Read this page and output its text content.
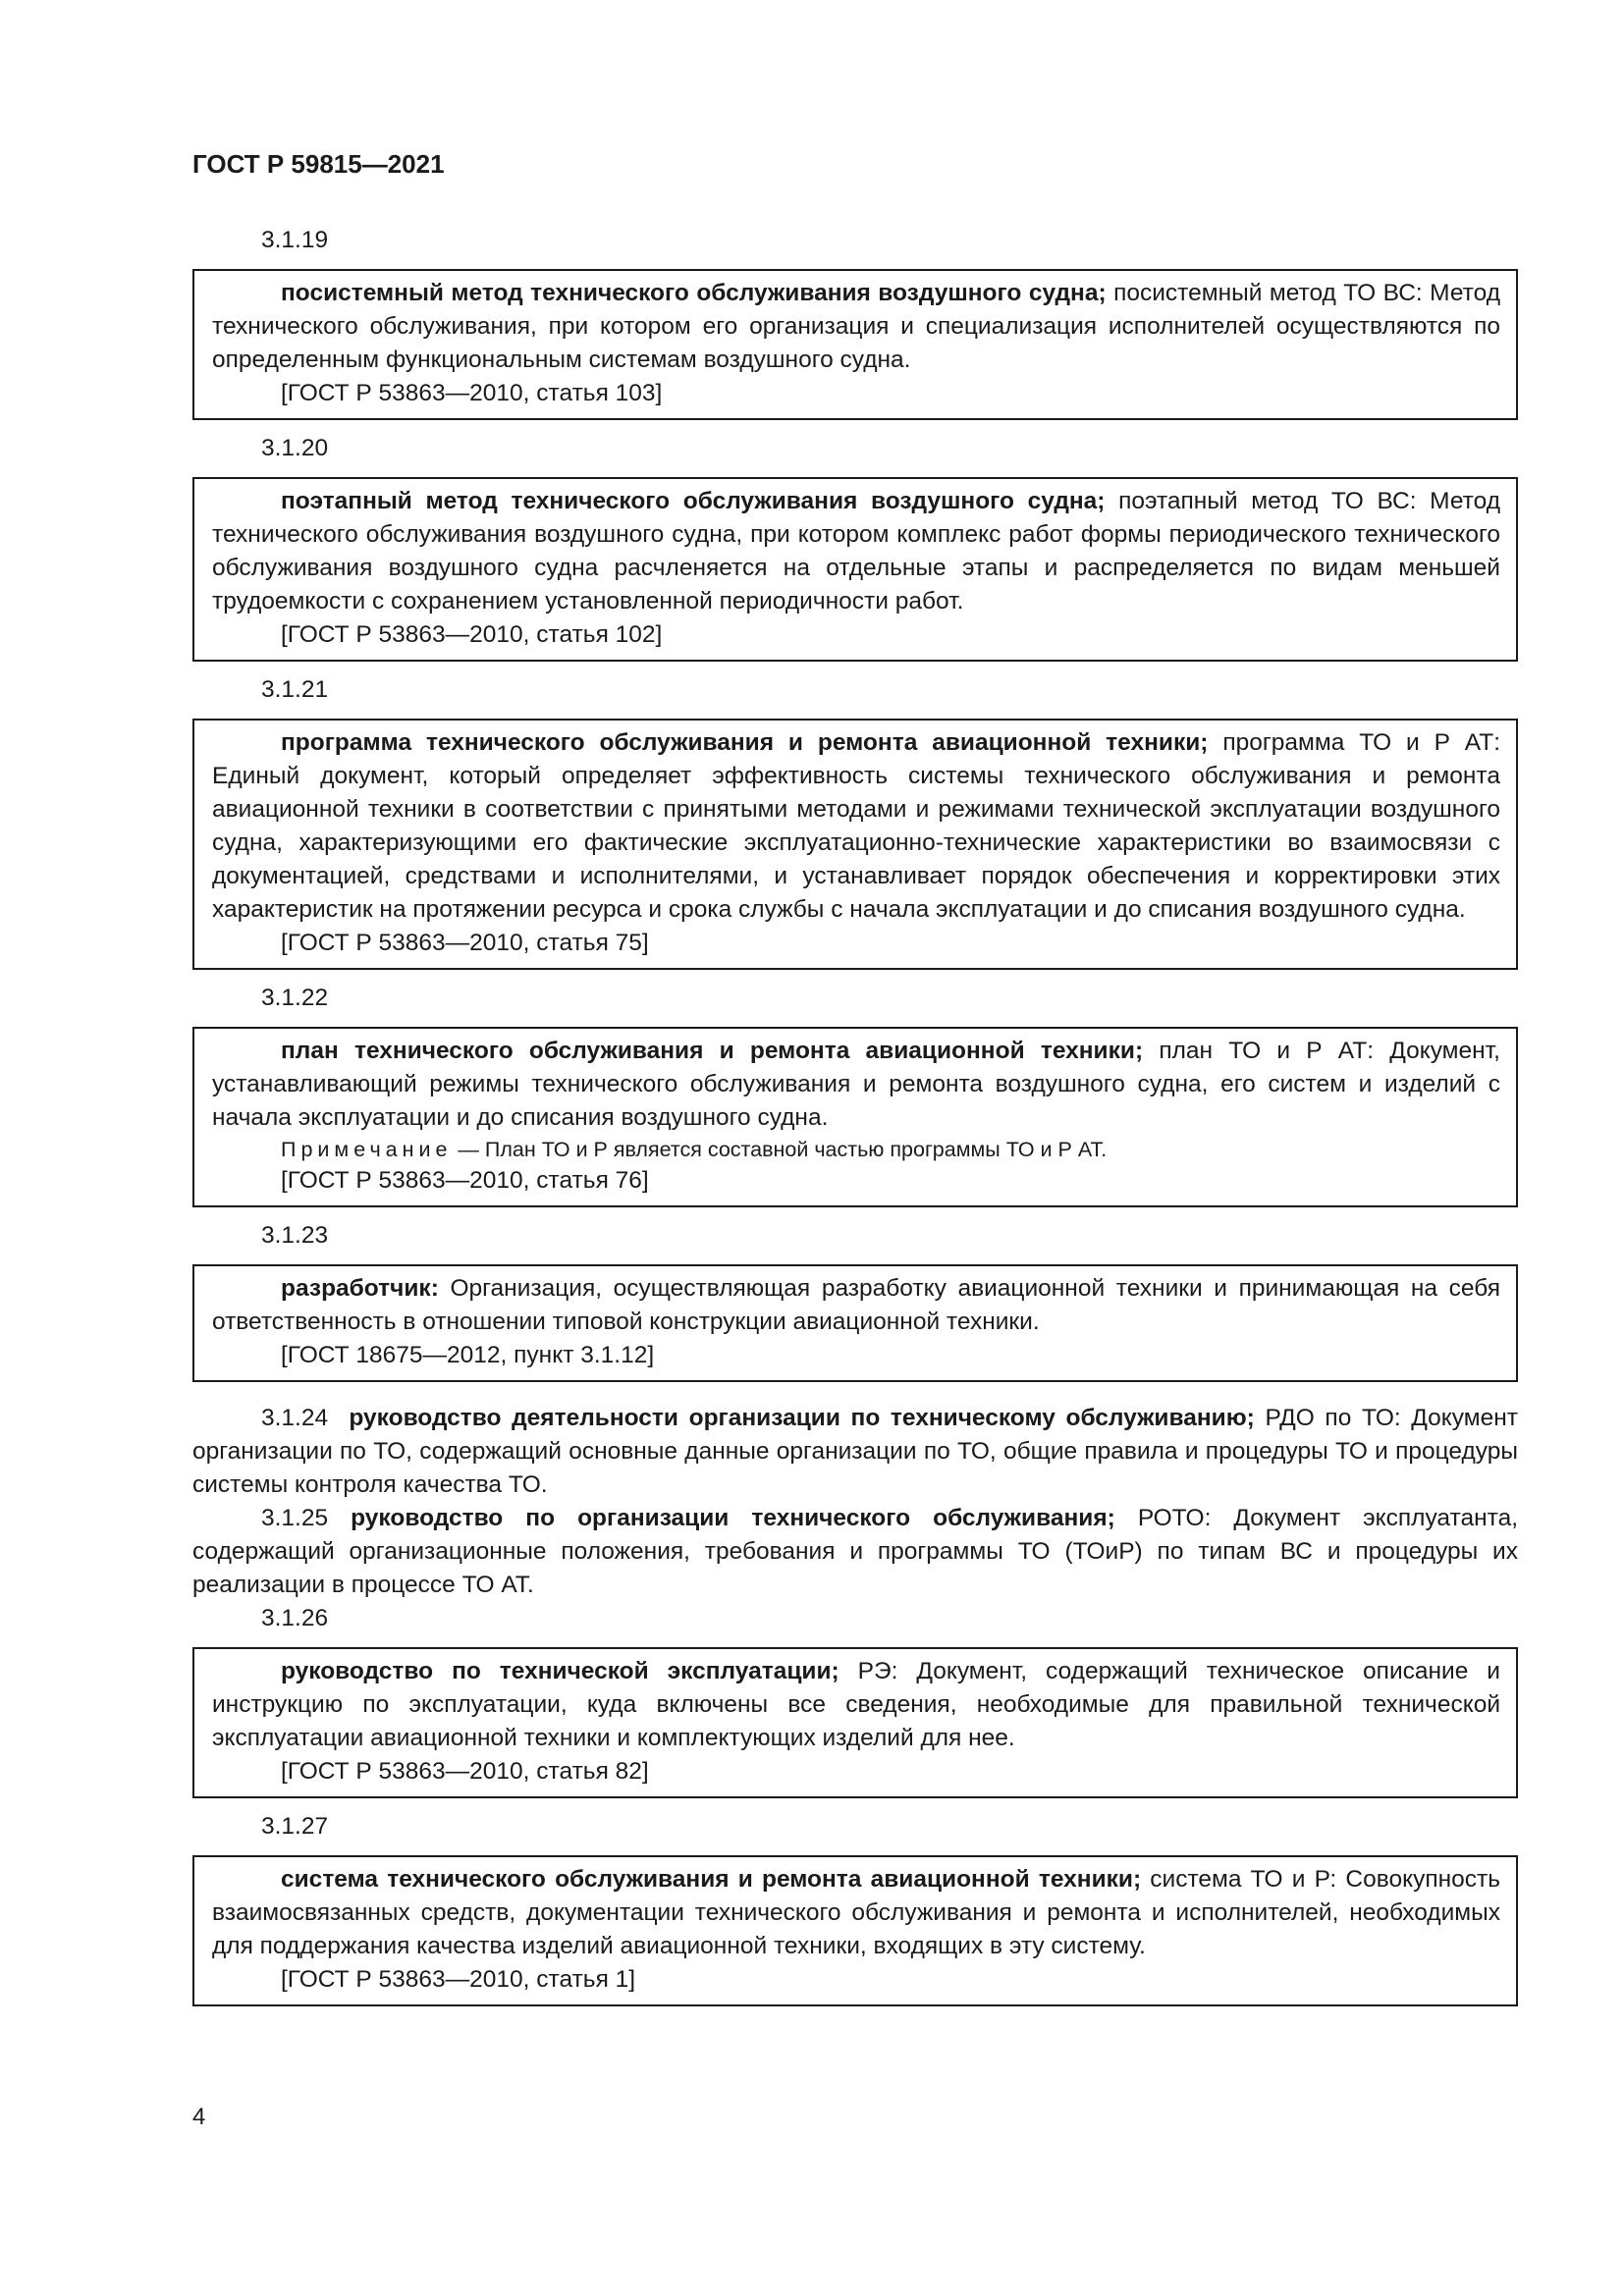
ГОСТ Р 59815—2021
3.1.19

посистемный метод технического обслуживания воздушного судна; посистемный метод ТО ВС: Метод технического обслуживания, при котором его организация и специализация исполнителей осуществляются по определенным функциональным системам воздушного судна.

[ГОСТ Р 53863—2010, статья 103]

3.1.20

поэтапный метод технического обслуживания воздушного судна; поэтапный метод ТО ВС: Метод технического обслуживания воздушного судна, при котором комплекс работ формы периодического технического обслуживания воздушного судна расчленяется на отдельные этапы и распределяется по видам меньшей трудоемкости с сохранением установленной периодичности работ.

[ГОСТ Р 53863—2010, статья 102]

3.1.21

программа технического обслуживания и ремонта авиационной техники; программа ТО и Р АТ: Единый документ, который определяет эффективность системы технического обслуживания и ремонта авиационной техники в соответствии с принятыми методами и режимами технической эксплуатации воздушного судна, характеризующими его фактические эксплуатационно-технические характеристики во взаимосвязи с документацией, средствами и исполнителями, и устанавливает порядок обеспечения и корректировки этих характеристик на протяжении ресурса и срока службы с начала эксплуатации и до списания воздушного судна.

[ГОСТ Р 53863—2010, статья 75]

3.1.22

план технического обслуживания и ремонта авиационной техники; план ТО и Р АТ: Документ, устанавливающий режимы технического обслуживания и ремонта воздушного судна, его систем и изделий с начала эксплуатации и до списания воздушного судна.

Примечание — План ТО и Р является составной частью программы ТО и Р АТ.

[ГОСТ Р 53863—2010, статья 76]

3.1.23

разработчик: Организация, осуществляющая разработку авиационной техники и принимающая на себя ответственность в отношении типовой конструкции авиационной техники.

[ГОСТ 18675—2012, пункт 3.1.12]

3.1.24 руководство деятельности организации по техническому обслуживанию; РДО по ТО: Документ организации по ТО, содержащий основные данные организации по ТО, общие правила и процедуры ТО и процедуры системы контроля качества ТО.

3.1.25 руководство по организации технического обслуживания; РОТО: Документ эксплуатанта, содержащий организационные положения, требования и программы ТО (ТОиР) по типам ВС и процедуры их реализации в процессе ТО АТ.

3.1.26

руководство по технической эксплуатации; РЭ: Документ, содержащий техническое описание и инструкцию по эксплуатации, куда включены все сведения, необходимые для правильной технической эксплуатации авиационной техники и комплектующих изделий для нее.

[ГОСТ Р 53863—2010, статья 82]

3.1.27

система технического обслуживания и ремонта авиационной техники; система ТО и Р: Совокупность взаимосвязанных средств, документации технического обслуживания и ремонта и исполнителей, необходимых для поддержания качества изделий авиационной техники, входящих в эту систему.

[ГОСТ Р 53863—2010, статья 1]

4
